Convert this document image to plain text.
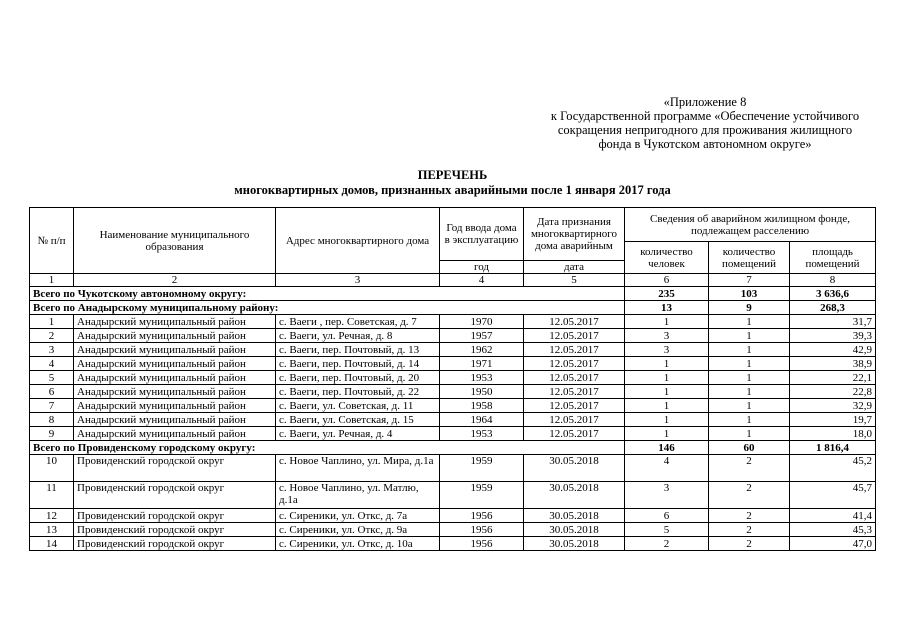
«Приложение 8
к Государственной программе «Обеспечение устойчивого
сокращения непригодного для проживания жилищного
фонда в Чукотском автономном округе»
ПЕРЕЧЕНЬ
многоквартирных домов, признанных аварийными после 1 января 2017 года
№ п/п	Наименование муниципального образования	Адрес многоквартирного дома	Год ввода дома в эксплуатацию	Дата признания многоквартирного дома аварийным	Сведения об аварийном жилищном фонде, подлежащем расселению		
					количество человек	количество помещений	площадь помещений
			год	дата			
1	2	3	4	5	6	7	8
Всего по Чукотскому автономному округу:					235	103	3 636,6
Всего по Анадырскому муниципальному району:					13	9	268,3
1	Анадырский муниципальный район	с. Ваеги , пер. Советская, д. 7	1970	12.05.2017	1	1	31,7
2	Анадырский муниципальный район	с. Ваеги, ул. Речная, д. 8	1957	12.05.2017	3	1	39,3
3	Анадырский муниципальный район	с. Ваеги, пер. Почтовый, д. 13	1962	12.05.2017	3	1	42,9
4	Анадырский муниципальный район	с. Ваеги, пер. Почтовый, д. 14	1971	12.05.2017	1	1	38,9
5	Анадырский муниципальный район	с. Ваеги, пер. Почтовый, д. 20	1953	12.05.2017	1	1	22,1
6	Анадырский муниципальный район	с. Ваеги, пер. Почтовый, д. 22	1950	12.05.2017	1	1	22,8
7	Анадырский муниципальный район	с. Ваеги, ул. Советская, д. 11	1958	12.05.2017	1	1	32,9
8	Анадырский муниципальный район	с. Ваеги, ул. Советская, д. 15	1964	12.05.2017	1	1	19,7
9	Анадырский муниципальный район	с. Ваеги, ул. Речная, д. 4	1953	12.05.2017	1	1	18,0
Всего по Провиденскому городскому округу:					146	60	1 816,4
10	Провиденский городской округ	с. Новое Чаплино, ул. Мира, д.1а	1959	30.05.2018	4	2	45,2
11	Провиденский городской округ	с. Новое Чаплино, ул. Матлю, д.1а	1959	30.05.2018	3	2	45,7
12	Провиденский городской округ	с. Сиреники, ул. Откс, д. 7а	1956	30.05.2018	6	2	41,4
13	Провиденский городской округ	с. Сиреники, ул. Откс, д. 9а	1956	30.05.2018	5	2	45,3
14	Провиденский городской округ	с. Сиреники, ул. Откс, д. 10а	1956	30.05.2018	2	2	47,0
